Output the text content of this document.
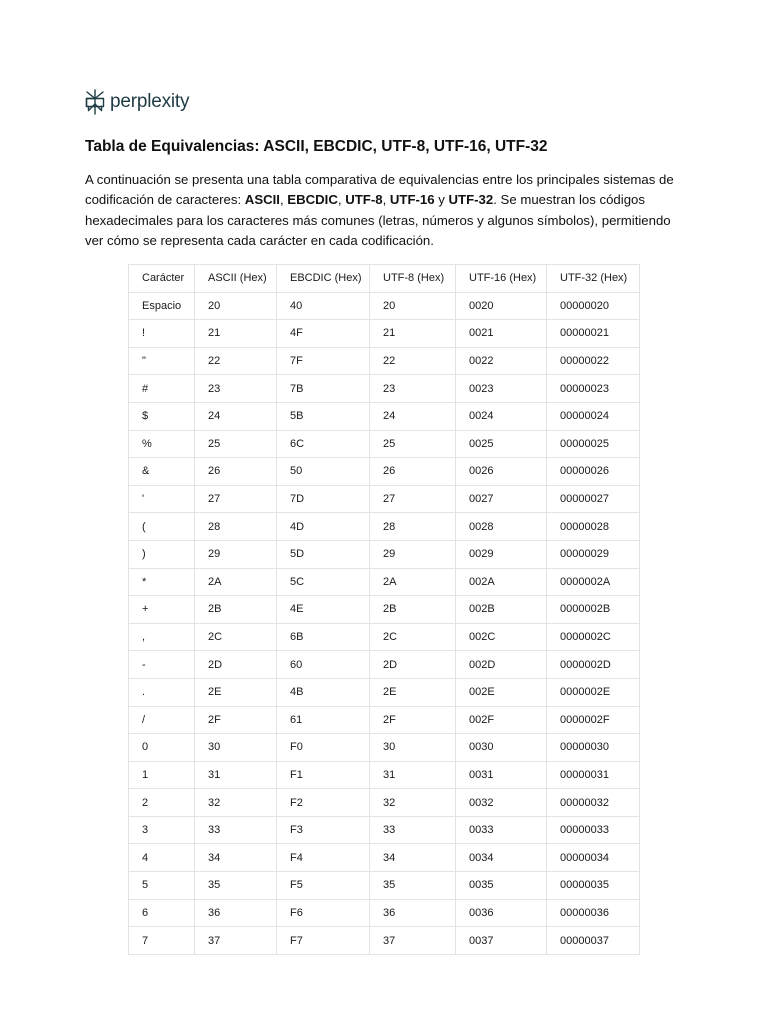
perplexity
Tabla de Equivalencias: ASCII, EBCDIC, UTF-8, UTF-16, UTF-32

A continuación se presenta una tabla comparativa de equivalencias entre los principales sistemas de codificación de caracteres: ASCII, EBCDIC, UTF-8, UTF-16 y UTF-32. Se muestran los códigos hexadecimales para los caracteres más comunes (letras, números y algunos símbolos), permitiendo ver cómo se representa cada carácter en cada codificación.

Carácter	ASCII (Hex)	EBCDIC (Hex)	UTF-8 (Hex)	UTF-16 (Hex)	UTF-32 (Hex)
Espacio	20	40	20	0020	00000020
!	21	4F	21	0021	00000021
"	22	7F	22	0022	00000022
#	23	7B	23	0023	00000023
$	24	5B	24	0024	00000024
%	25	6C	25	0025	00000025
&	26	50	26	0026	00000026
'	27	7D	27	0027	00000027
(	28	4D	28	0028	00000028
)	29	5D	29	0029	00000029
*	2A	5C	2A	002A	0000002A
+	2B	4E	2B	002B	0000002B
,	2C	6B	2C	002C	0000002C
-	2D	60	2D	002D	0000002D
.	2E	4B	2E	002E	0000002E
/	2F	61	2F	002F	0000002F
0	30	F0	30	0030	00000030
1	31	F1	31	0031	00000031
2	32	F2	32	0032	00000032
3	33	F3	33	0033	00000033
4	34	F4	34	0034	00000034
5	35	F5	35	0035	00000035
6	36	F6	36	0036	00000036
7	37	F7	37	0037	00000037
